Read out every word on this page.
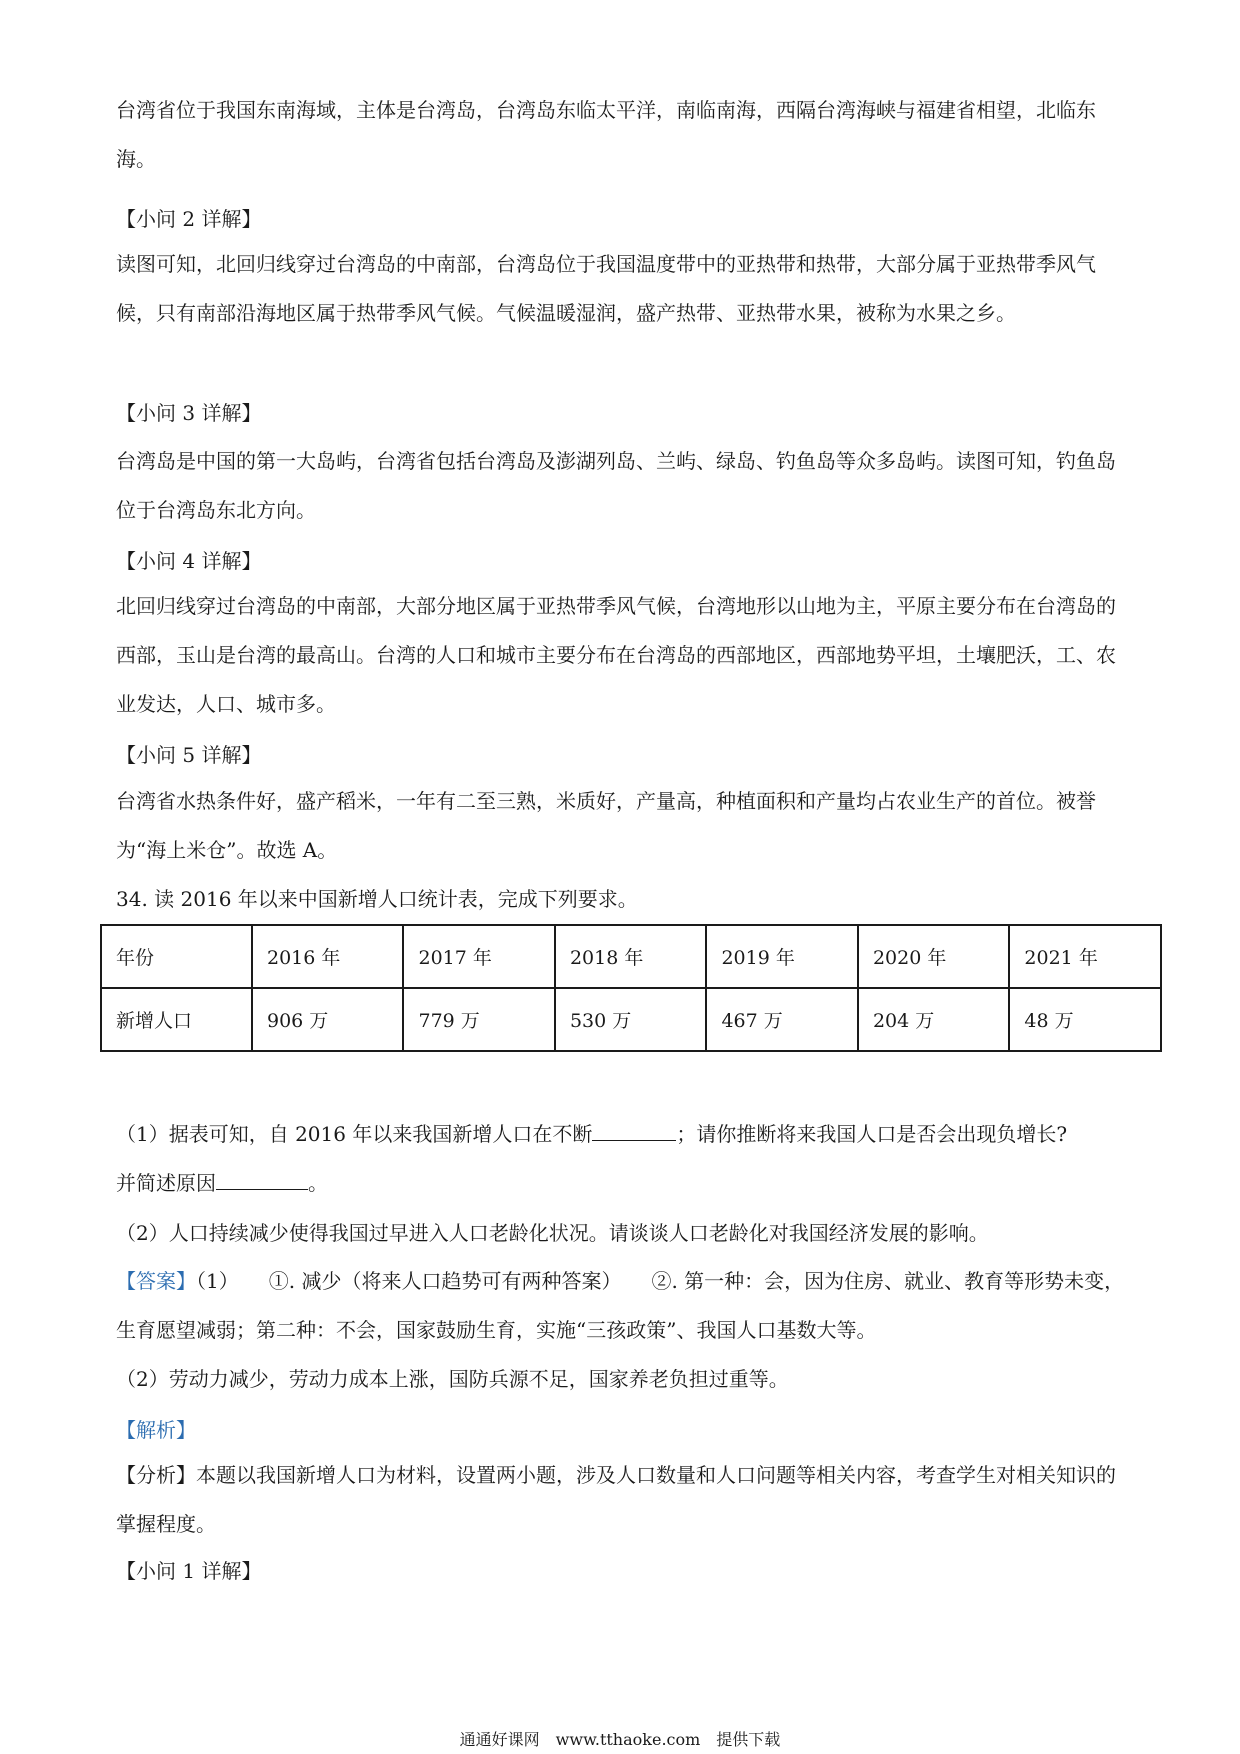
台湾省位于我国东南海域，主体是台湾岛，台湾岛东临太平洋，南临南海，西隔台湾海峡与福建省相望，北临东海。

【小问 2 详解】

读图可知，北回归线穿过台湾岛的中南部，台湾岛位于我国温度带中的亚热带和热带，大部分属于亚热带季风气候，只有南部沿海地区属于热带季风气候。气候温暖湿润，盛产热带、亚热带水果，被称为水果之乡。

【小问 3 详解】

台湾岛是中国的第一大岛屿，台湾省包括台湾岛及澎湖列岛、兰屿、绿岛、钓鱼岛等众多岛屿。读图可知，钓鱼岛位于台湾岛东北方向。

【小问 4 详解】

北回归线穿过台湾岛的中南部，大部分地区属于亚热带季风气候，台湾地形以山地为主，平原主要分布在台湾岛的西部，玉山是台湾的最高山。台湾的人口和城市主要分布在台湾岛的西部地区，西部地势平坦，土壤肥沃，工、农业发达，人口、城市多。

【小问 5 详解】

台湾省水热条件好，盛产稻米，一年有二至三熟，米质好，产量高，种植面积和产量均占农业生产的首位。被誉为“海上米仓”。故选 A。

34. 读 2016 年以来中国新增人口统计表，完成下列要求。

年份	2016 年	2017 年	2018 年	2019 年	2020 年	2021 年
新增人口	906 万	779 万	530 万	467 万	204 万	48 万

（1）据表可知，自 2016 年以来我国新增人口在不断	；请你推断将来我国人口是否会出现负增长?
并简述原因	。

（2）人口持续减少使得我国过早进入人口老龄化状况。请谈谈人口老龄化对我国经济发展的影响。

【答案】（1）　　①. 减少（将来人口趋势可有两种答案）　　②. 第一种：会，因为住房、就业、教育等形势未变，生育愿望减弱；第二种：不会，国家鼓励生育，实施“三孩政策”、我国人口基数大等。

（2）劳动力减少，劳动力成本上涨，国防兵源不足，国家养老负担过重等。

【解析】

【分析】本题以我国新增人口为材料，设置两小题，涉及人口数量和人口问题等相关内容，考查学生对相关知识的掌握程度。

【小问 1 详解】

通通好课网　www.tthaoke.com　提供下载
